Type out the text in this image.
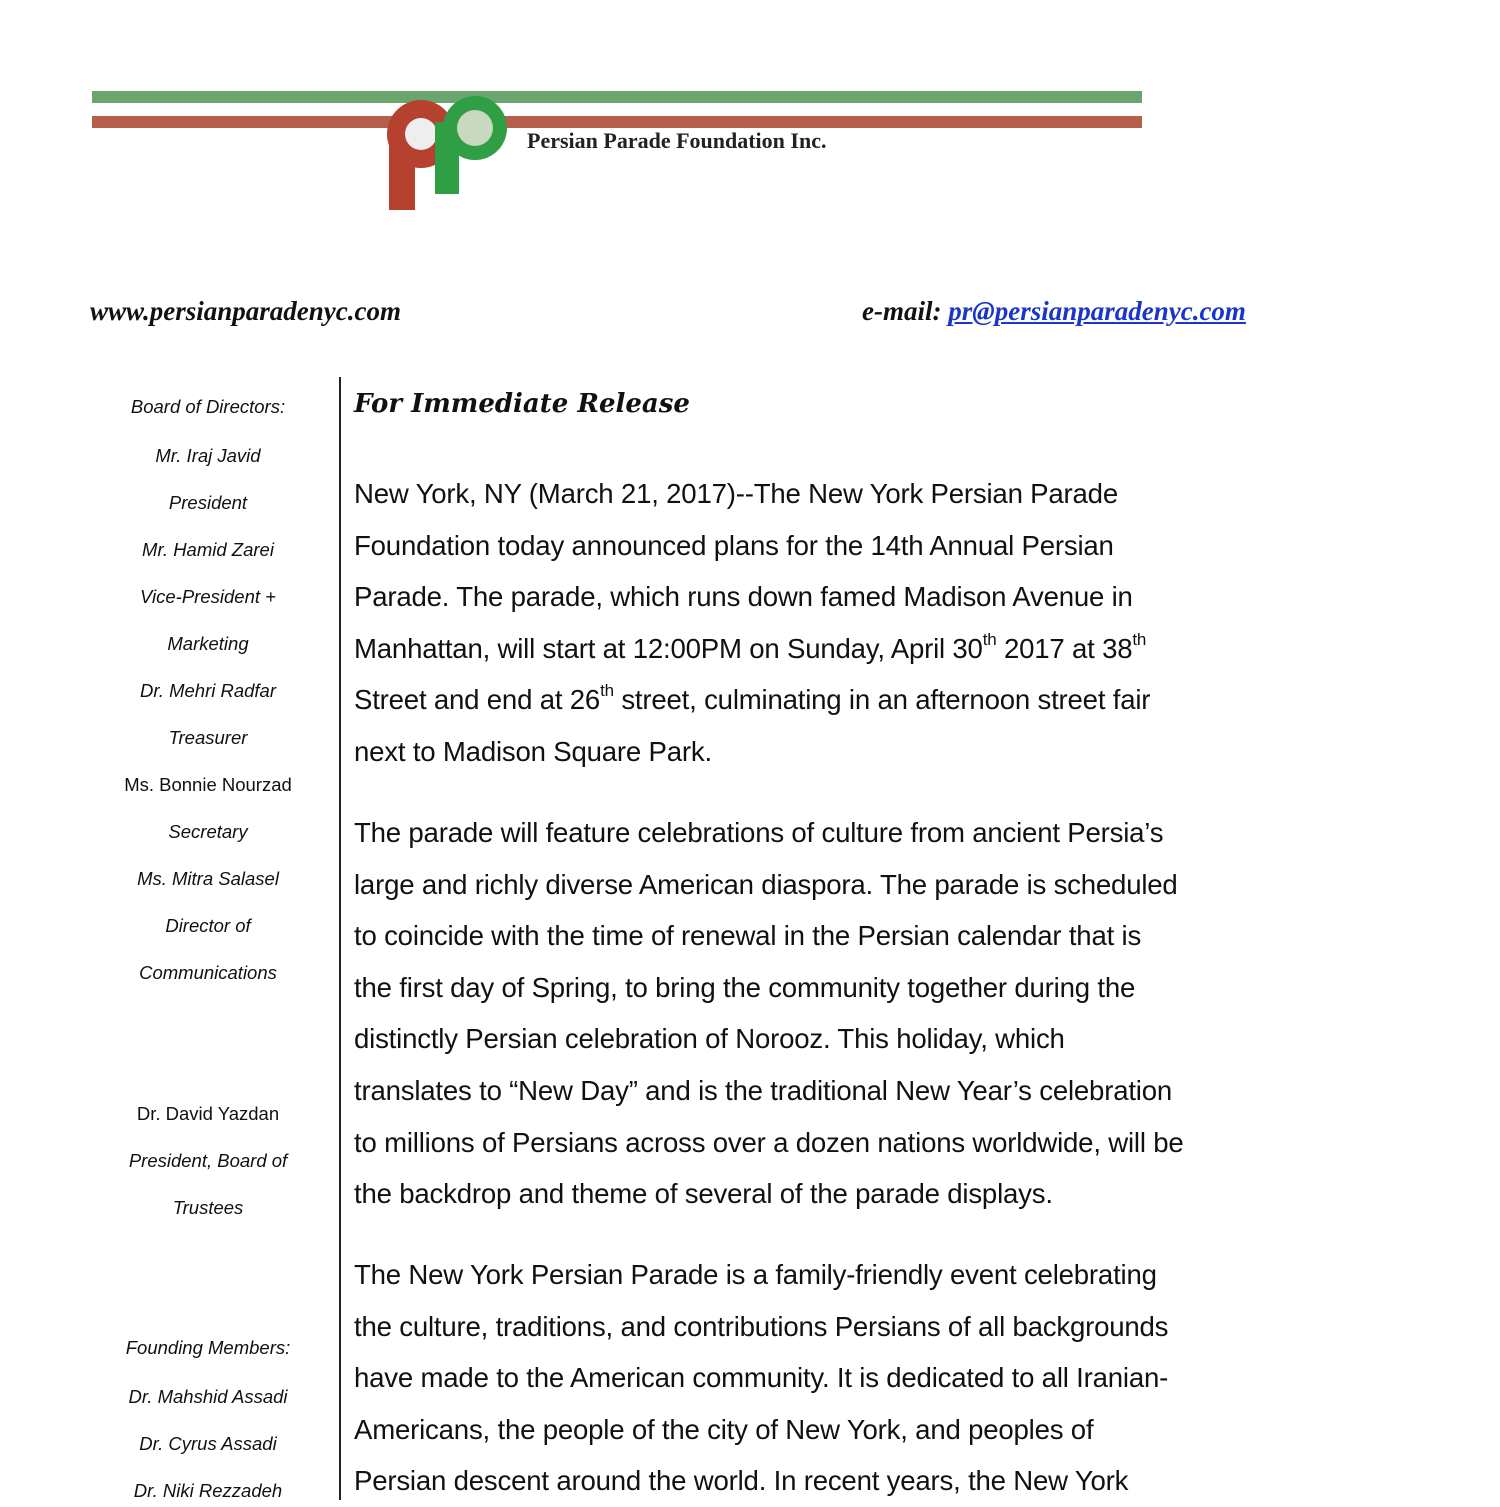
Persian Parade Foundation Inc.
www.persianparadenyc.com	e-mail: pr@persianparadenyc.com
Board of Directors:
Mr. Iraj Javid
President
Mr. Hamid Zarei
Vice-President +
Marketing
Dr. Mehri Radfar
Treasurer
Ms. Bonnie Nourzad
Secretary
Ms. Mitra Salasel
Director of
Communications
Dr. David Yazdan
President, Board of
Trustees
Founding Members:
Dr. Mahshid Assadi
Dr. Cyrus Assadi
Dr. Niki Rezzadeh
For Immediate Release
New York, NY (March 21, 2017)--The New York Persian Parade
Foundation today announced plans for the 14th Annual Persian
Parade. The parade, which runs down famed Madison Avenue in
Manhattan, will start at 12:00PM on Sunday, April 30th 2017 at 38th
Street and end at 26th street, culminating in an afternoon street fair
next to Madison Square Park.
The parade will feature celebrations of culture from ancient Persia’s
large and richly diverse American diaspora. The parade is scheduled
to coincide with the time of renewal in the Persian calendar that is
the first day of Spring, to bring the community together during the
distinctly Persian celebration of Norooz. This holiday, which
translates to “New Day” and is the traditional New Year’s celebration
to millions of Persians across over a dozen nations worldwide, will be
the backdrop and theme of several of the parade displays.
The New York Persian Parade is a family-friendly event celebrating
the culture, traditions, and contributions Persians of all backgrounds
have made to the American community. It is dedicated to all Iranian-
Americans, the people of the city of New York, and peoples of
Persian descent around the world. In recent years, the New York
